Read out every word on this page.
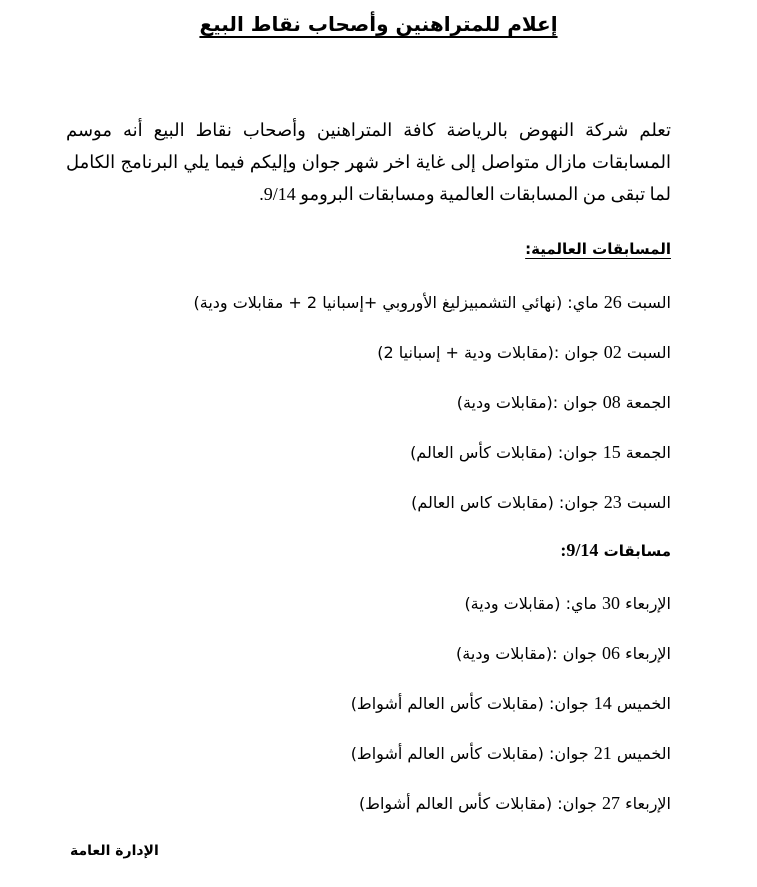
إعلام للمتراهنين وأصحاب نقاط البيع

تعلم شركة النهوض بالرياضة كافة المتراهنين وأصحاب نقاط البيع أنه موسم المسابقات مازال متواصل إلى غاية اخر شهر جوان وإليكم فيما يلي البرنامج الكامل لما تبقى من المسابقات العالمية ومسابقات البرومو 9/14.

المسابقات العالمية:
السبت 26 ماي: (نهائي التشمبيزليغ الأوروبي +إسبانيا 2 + مقابلات ودية)
السبت 02 جوان :(مقابلات ودية + إسبانيا 2)
الجمعة 08 جوان :(مقابلات ودية)
الجمعة 15 جوان: (مقابلات كأس العالم)
السبت 23 جوان: (مقابلات كاس العالم)
مسابقات 9/14:
الإربعاء 30 ماي: (مقابلات ودية)
الإربعاء 06 جوان :(مقابلات ودية)
الخميس 14 جوان: (مقابلات كأس العالم أشواط)
الخميس 21 جوان: (مقابلات كأس العالم أشواط)
الإربعاء 27 جوان: (مقابلات كأس العالم أشواط)

الإدارة العامة
